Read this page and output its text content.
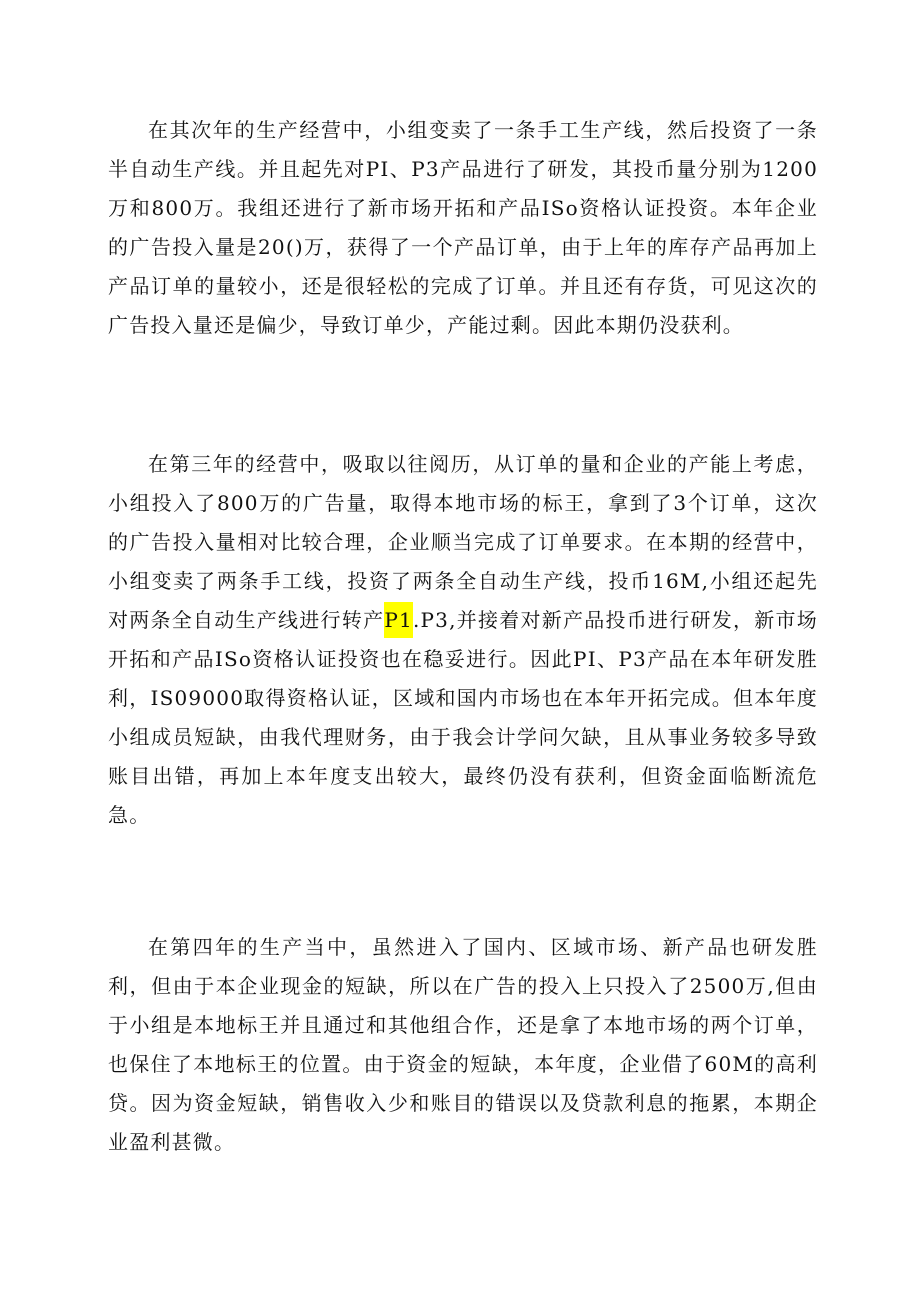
在其次年的生产经营中，小组变卖了一条手工生产线，然后投资了一条半自动生产线。并且起先对PI、P3产品进行了研发，其投币量分别为1200万和800万。我组还进行了新市场开拓和产品ISo资格认证投资。本年企业的广告投入量是20()万，获得了一个产品订单，由于上年的库存产品再加上产品订单的量较小，还是很轻松的完成了订单。并且还有存货，可见这次的广告投入量还是偏少，导致订单少，产能过剩。因此本期仍没获利。

在第三年的经营中，吸取以往阅历，从订单的量和企业的产能上考虑，小组投入了800万的广告量，取得本地市场的标王，拿到了3个订单，这次的广告投入量相对比较合理，企业顺当完成了订单要求。在本期的经营中，小组变卖了两条手工线，投资了两条全自动生产线，投币16M,小组还起先对两条全自动生产线进行转产P1.P3,并接着对新产品投币进行研发，新市场开拓和产品ISo资格认证投资也在稳妥进行。因此PI、P3产品在本年研发胜利，IS09000取得资格认证，区域和国内市场也在本年开拓完成。但本年度小组成员短缺，由我代理财务，由于我会计学问欠缺，且从事业务较多导致账目出错，再加上本年度支出较大，最终仍没有获利，但资金面临断流危急。

在第四年的生产当中，虽然进入了国内、区域市场、新产品也研发胜利，但由于本企业现金的短缺，所以在广告的投入上只投入了2500万,但由于小组是本地标王并且通过和其他组合作，还是拿了本地市场的两个订单，也保住了本地标王的位置。由于资金的短缺，本年度，企业借了60M的高利贷。因为资金短缺，销售收入少和账目的错误以及贷款利息的拖累，本期企业盈利甚微。
